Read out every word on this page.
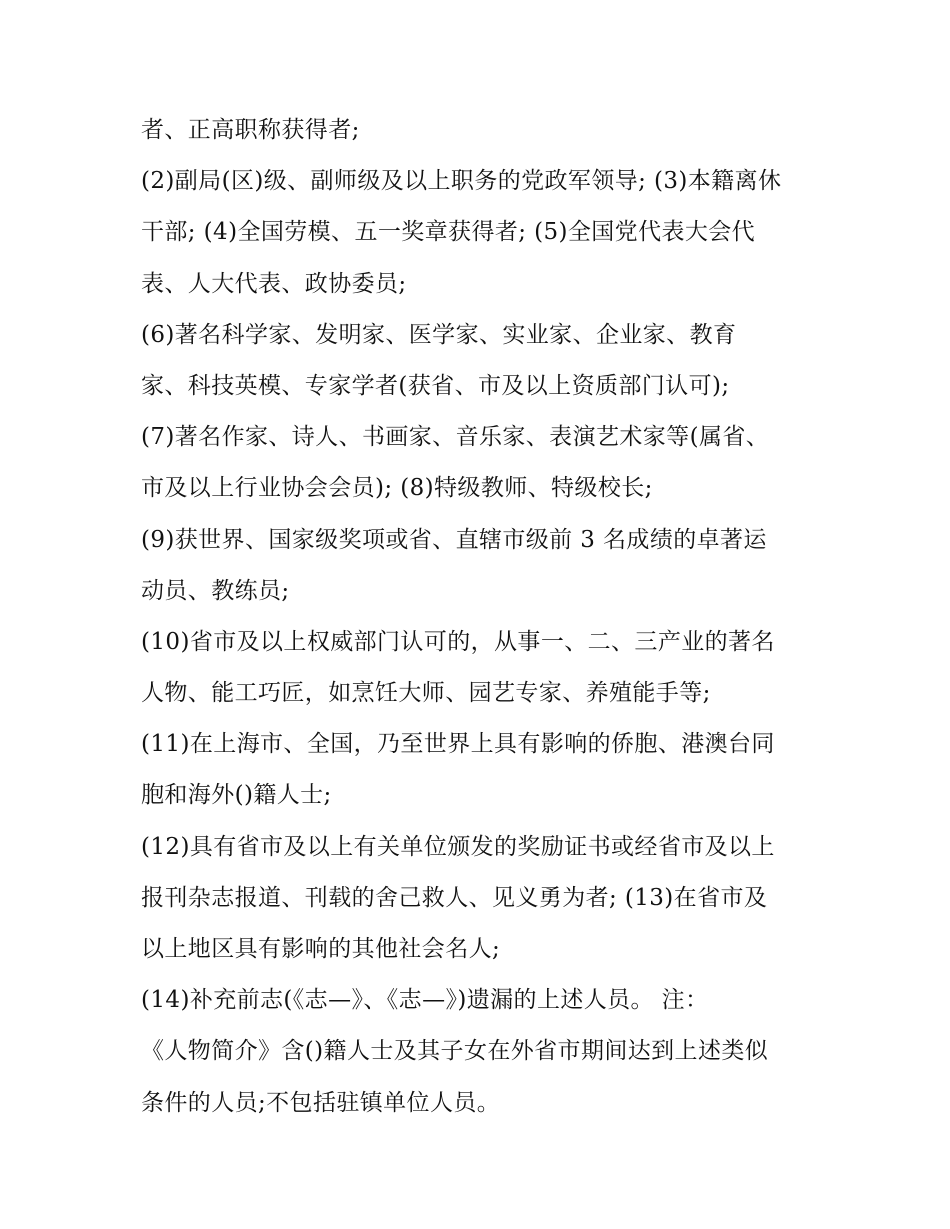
者、正高职称获得者;
(2)副局(区)级、副师级及以上职务的党政军领导; (3)本籍离休
干部; (4)全国劳模、五一奖章获得者; (5)全国党代表大会代
表、人大代表、政协委员;
(6)著名科学家、发明家、医学家、实业家、企业家、教育
家、科技英模、专家学者(获省、市及以上资质部门认可);
(7)著名作家、诗人、书画家、音乐家、表演艺术家等(属省、
市及以上行业协会会员); (8)特级教师、特级校长;
(9)获世界、国家级奖项或省、直辖市级前 3 名成绩的卓著运
动员、教练员;
(10)省市及以上权威部门认可的，从事一、二、三产业的著名
人物、能工巧匠，如烹饪大师、园艺专家、养殖能手等;
(11)在上海市、全国，乃至世界上具有影响的侨胞、港澳台同
胞和海外()籍人士;
(12)具有省市及以上有关单位颁发的奖励证书或经省市及以上
报刊杂志报道、刊载的舍己救人、见义勇为者; (13)在省市及
以上地区具有影响的其他社会名人;
(14)补充前志(《志—》、《志—》)遗漏的上述人员。 注：
《人物简介》含()籍人士及其子女在外省市期间达到上述类似
条件的人员;不包括驻镇单位人员。
